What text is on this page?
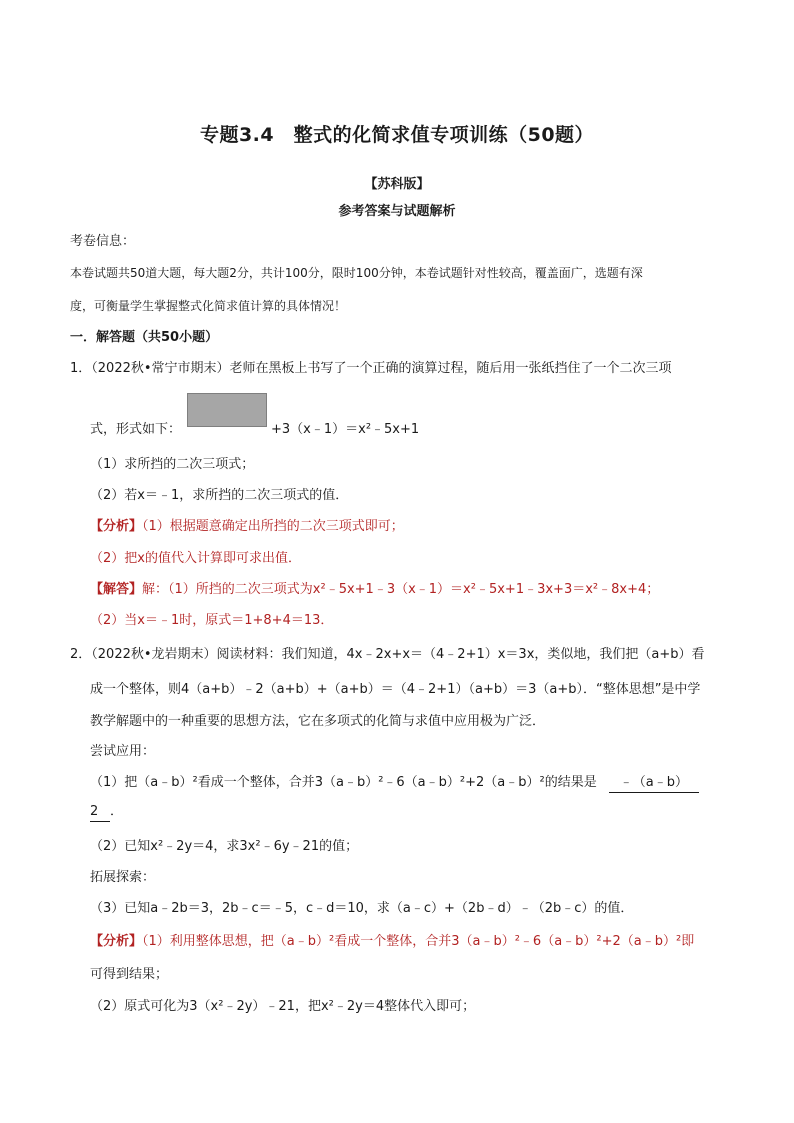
专题3.4　整式的化简求值专项训练（50题）
【苏科版】
参考答案与试题解析
考卷信息：
本卷试题共50道大题，每大题2分，共计100分，限时100分钟，本卷试题针对性较高，覆盖面广，选题有深
度，可衡量学生掌握整式化简求值计算的具体情况！
一．解答题（共50小题）
1．（2022秋•常宁市期末）老师在黑板上书写了一个正确的演算过程，随后用一张纸挡住了一个二次三项
式，形式如下：	+3（x﹣1）＝x²﹣5x+1
（1）求所挡的二次三项式；
（2）若x＝﹣1，求所挡的二次三项式的值．
【分析】（1）根据题意确定出所挡的二次三项式即可；
（2）把x的值代入计算即可求出值．
【解答】解：（1）所挡的二次三项式为x²﹣5x+1﹣3（x﹣1）＝x²﹣5x+1﹣3x+3＝x²﹣8x+4；
（2）当x＝﹣1时，原式＝1+8+4＝13．
2．（2022秋•龙岩期末）阅读材料：我们知道，4x﹣2x+x＝（4﹣2+1）x＝3x，类似地，我们把（a+b）看
成一个整体，则4（a+b）﹣2（a+b）+（a+b）＝（4﹣2+1）（a+b）＝3（a+b）．“整体思想”是中学
教学解题中的一种重要的思想方法，它在多项式的化简与求值中应用极为广泛．
尝试应用：
（1）把（a﹣b）²看成一个整体，合并3（a﹣b）²﹣6（a﹣b）²+2（a﹣b）²的结果是 ﹣（a﹣b）
2 ．
（2）已知x²﹣2y＝4，求3x²﹣6y﹣21的值；
拓展探索：
（3）已知a﹣2b＝3，2b﹣c＝﹣5，c﹣d＝10，求（a﹣c）+（2b﹣d）﹣（2b﹣c）的值．
【分析】（1）利用整体思想，把（a﹣b）²看成一个整体，合并3（a﹣b）²﹣6（a﹣b）²+2（a﹣b）²即
可得到结果；
（2）原式可化为3（x²﹣2y）﹣21，把x²﹣2y＝4整体代入即可；
